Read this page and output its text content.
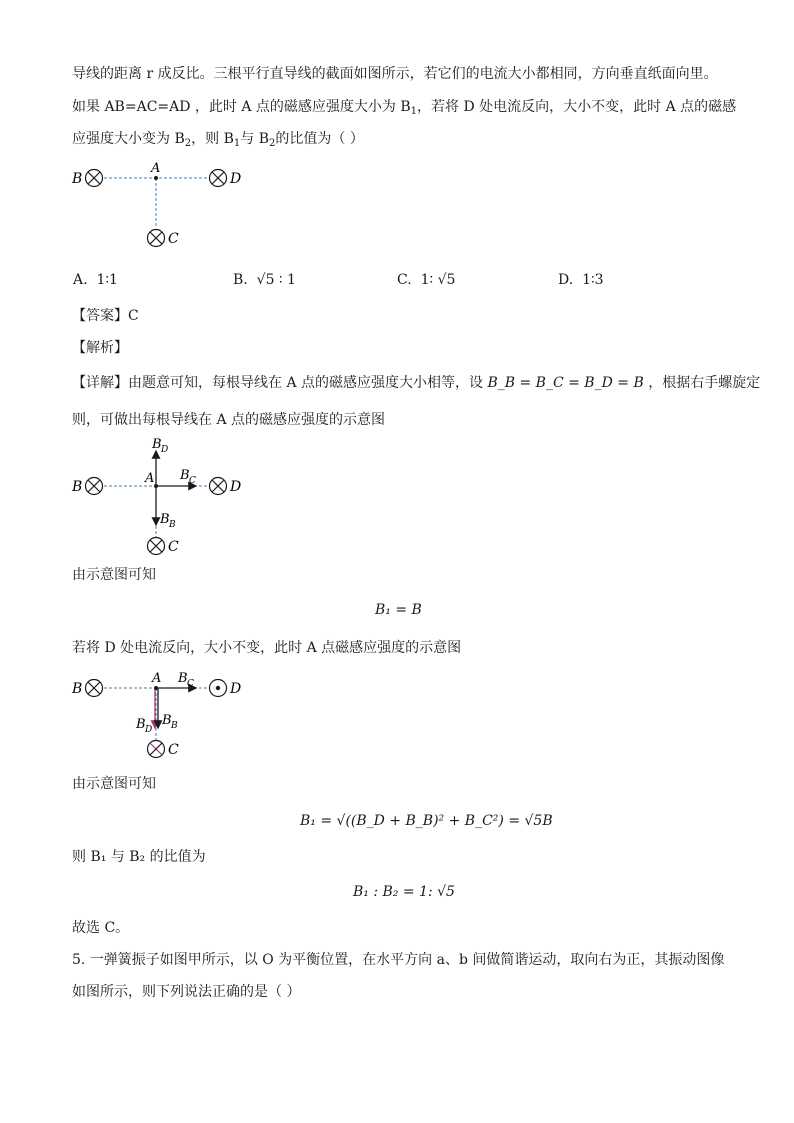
导线的距离 r 成反比。三根平行直导线的截面如图所示，若它们的电流大小都相同，方向垂直纸面向里。
如果 AB=AC=AD ，此时 A 点的磁感应强度大小为 $B_1$，若将 D 处电流反向，大小不变，此时 A 点的磁感
应强度大小变为 $B_2$，则 $B_1$与 $B_2$的比值为（ ）
B
A
D
C
A. 1∶1	B. √5 ∶ 1	C. 1∶ √5	D. 1∶3
【答案】C
【解析】
【详解】由题意可知，每根导线在 A 点的磁感应强度大小相等，设 B_B = B_C = B_D = B ，根据右手螺旋定
则，可做出每根导线在 A 点的磁感应强度的示意图
B
A
D
C
B D
B C
B B
由示意图可知
B₁ = B
若将 D 处电流反向，大小不变，此时 A 点磁感应强度的示意图
B
A
D
C
B C
B D
B B
由示意图可知
B₁ = √((B_D + B_B)² + B_C²) = √5B
则 B₁ 与 B₂ 的比值为
B₁ : B₂ = 1: √5
故选 C。
5. 一弹簧振子如图甲所示，以 O 为平衡位置，在水平方向 a、b 间做简谐运动，取向右为正，其振动图像
如图所示，则下列说法正确的是（ ）
